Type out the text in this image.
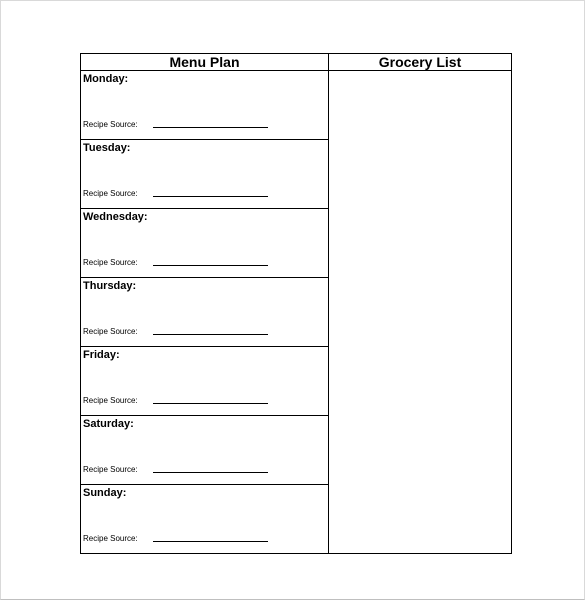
Menu Plan
Monday:
Recipe Source:
Tuesday:
Recipe Source:
Wednesday:
Recipe Source:
Thursday:
Recipe Source:
Friday:
Recipe Source:
Saturday:
Recipe Source:
Sunday:
Recipe Source:
Grocery List
